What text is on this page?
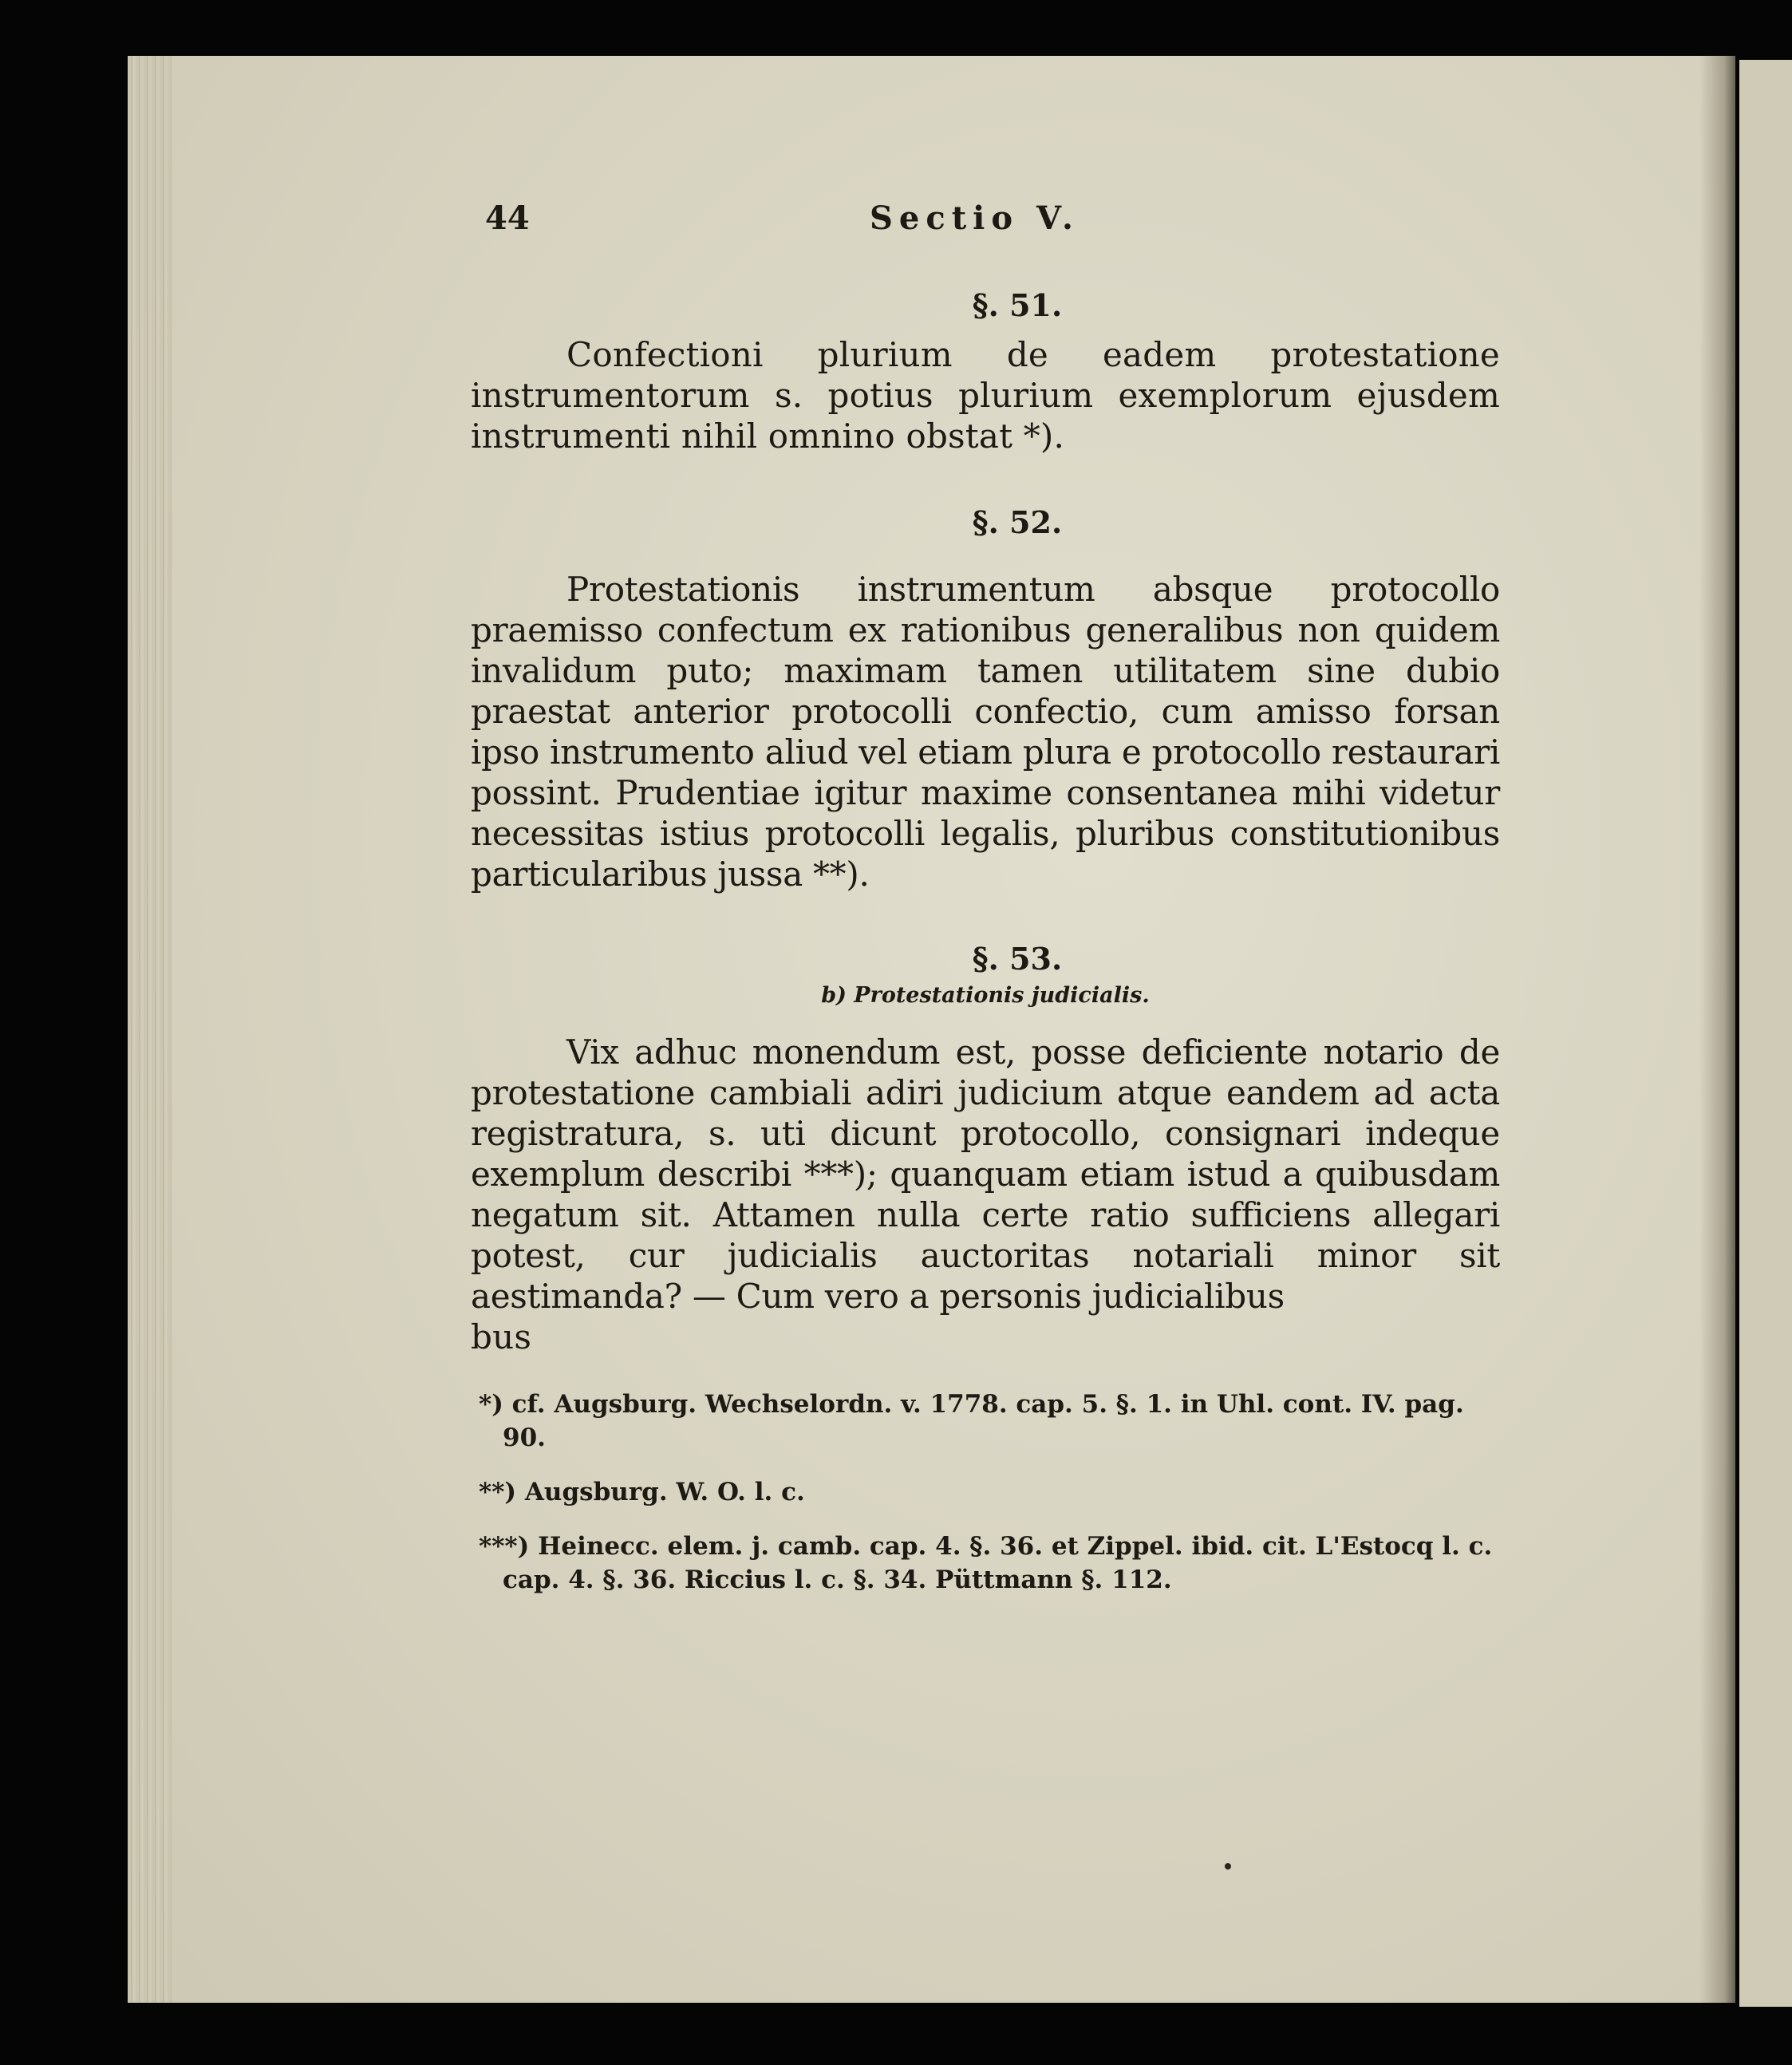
44	Sectio V.
§. 51.

Confectioni plurium de eadem protestatione instrumentorum s. potius plurium exemplorum ejusdem instrumenti nihil omnino obstat *).

§. 52.

Protestationis instrumentum absque protocollo praemisso confectum ex rationibus generalibus non quidem invalidum puto; maximam tamen utilitatem sine dubio praestat anterior protocolli confectio, cum amisso forsan ipso instrumento aliud vel etiam plura e protocollo restaurari possint. Prudentiae igitur maxime consentanea mihi videtur necessitas istius protocolli legalis, pluribus constitutionibus particularibus jussa **).

§. 53.
b) Protestationis judicialis.

Vix adhuc monendum est, posse deficiente notario de protestatione cambiali adiri judicium atque eandem ad acta registratura, s. uti dicunt protocollo, consignari indeque exemplum describi ***); quanquam etiam istud a quibusdam negatum sit. Attamen nulla certe ratio sufficiens allegari potest, cur judicialis auctoritas notariali minor sit aestimanda? — Cum vero a personis judicialibus

bus

*) cf. Augsburg. Wechselordn. v. 1778. cap. 5. §. 1. in Uhl. cont. IV. pag. 90.

**) Augsburg. W. O. l. c.

***) Heinecc. elem. j. camb. cap. 4. §. 36. et Zippel. ibid. cit. L'Estocq l. c. cap. 4. §. 36. Riccius l. c. §. 34. Püttmann §. 112.
